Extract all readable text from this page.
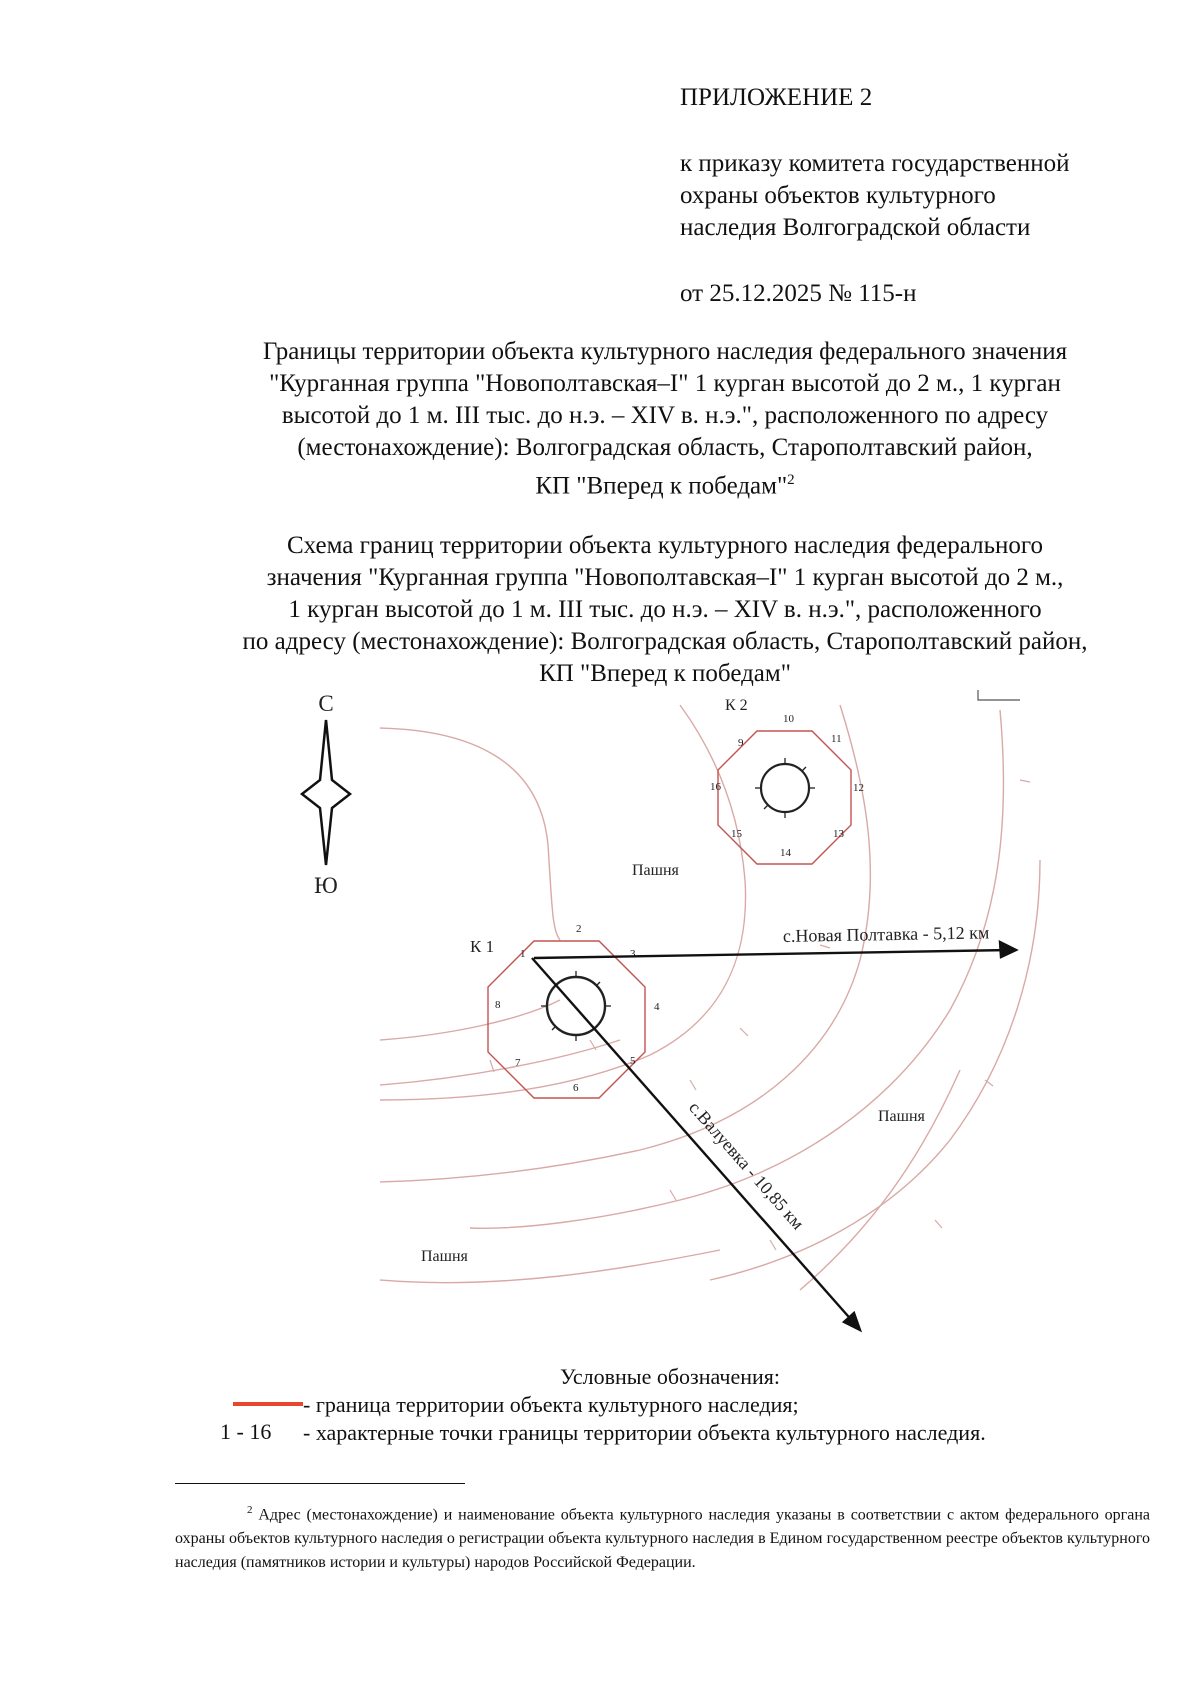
ПРИЛОЖЕНИЕ 2
к приказу комитета государственной
охраны объектов культурного
наследия Волгоградской области
от 25.12.2025 № 115-н
Границы территории объекта культурного наследия федерального значения
"Курганная группа "Новополтавская–I" 1 курган высотой до 2 м., 1 курган
высотой до 1 м. III тыс. до н.э. – XIV в. н.э.", расположенного по адресу
(местонахождение): Волгоградская область, Старополтавский район,
КП "Вперед к победам"$^2$
Схема границ территории объекта культурного наследия федерального
значения "Курганная группа "Новополтавская–I" 1 курган высотой до 2 м.,
1 курган высотой до 1 м. III тыс. до н.э. – XIV в. н.э.", расположенного
по адресу (местонахождение): Волгоградская область, Старополтавский район,
КП "Вперед к победам"
С
Ю
К 2
9
10
11
12
13
14
15
16
К 1 1
2
3
4
5
6
7
8
с.Новая Полтавка - 5,12 км
с.Валуевка - 10,85 км
Пашня
Пашня
Пашня
Условные обозначения:
- граница территории объекта культурного наследия;
1 - 16 - характерные точки границы территории объекта культурного наследия.
$^2$ Адрес (местонахождение) и наименование объекта культурного наследия указаны в соответствии с актом федерального органа охраны объектов культурного наследия о регистрации объекта культурного наследия в Едином государственном реестре объектов культурного наследия (памятников истории и культуры) народов Российской Федерации.
